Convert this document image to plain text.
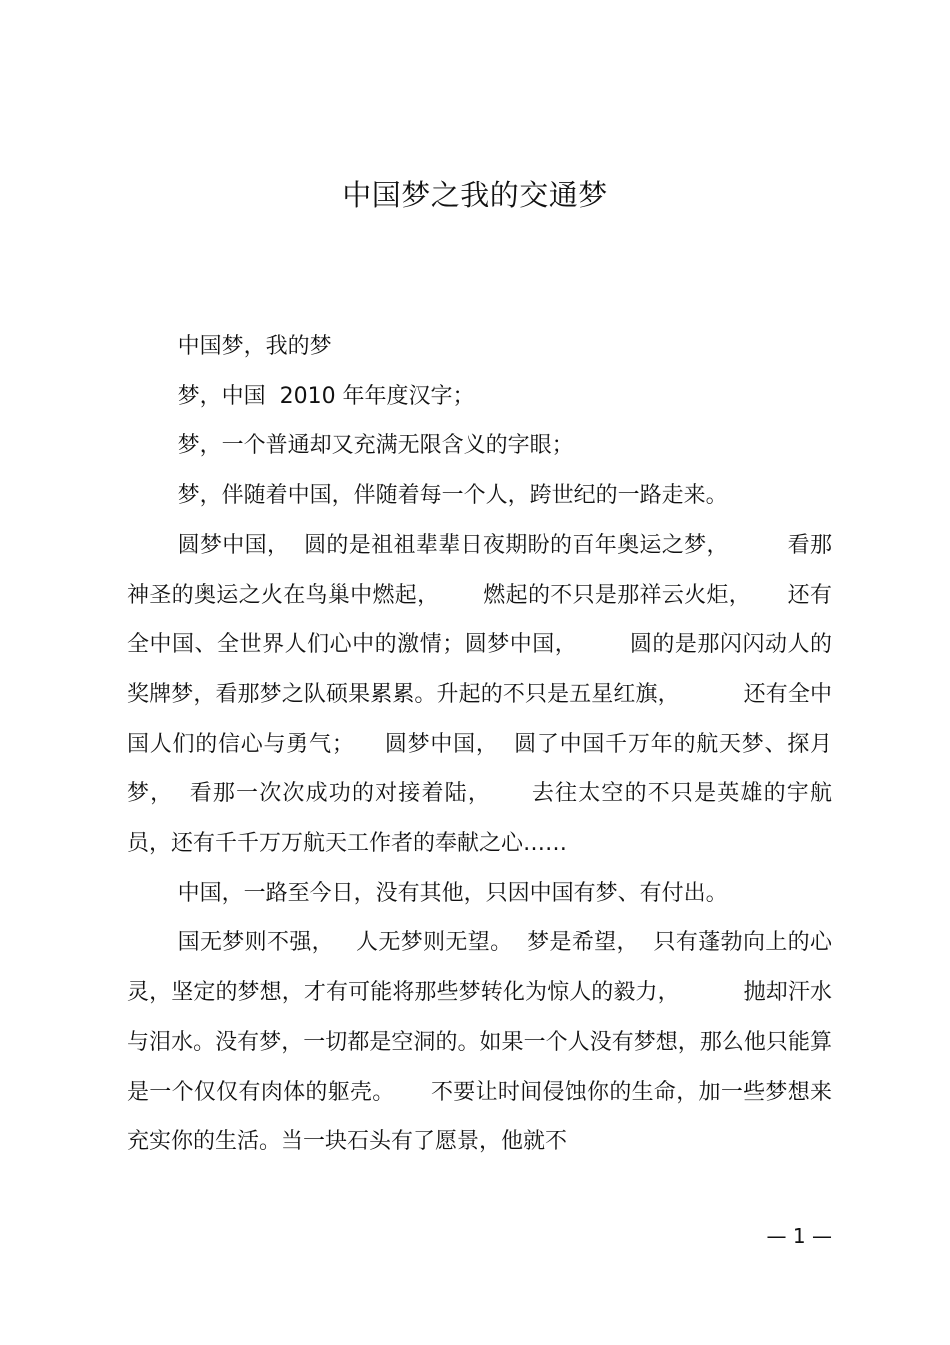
中国梦之我的交通梦

中国梦，我的梦

梦，中国  2010 年年度汉字；

梦，一个普通却又充满无限含义的字眼；

梦，伴随着中国，伴随着每一个人，跨世纪的一路走来。

圆梦中国，  圆的是祖祖辈辈日夜期盼的百年奥运之梦，        看那神圣的奥运之火在鸟巢中燃起，      燃起的不只是那祥云火炬，     还有全中国、全世界人们心中的激情；圆梦中国，       圆的是那闪闪动人的奖牌梦，看那梦之队硕果累累。升起的不只是五星红旗，         还有全中国人们的信心与勇气；    圆梦中国，  圆了中国千万年的航天梦、探月梦，  看那一次次成功的对接着陆，     去往太空的不只是英雄的宇航员，还有千千万万航天工作者的奉献之心……

中国，一路至今日，没有其他，只因中国有梦、有付出。

国无梦则不强，   人无梦则无望。  梦是希望，  只有蓬勃向上的心灵，坚定的梦想，才有可能将那些梦转化为惊人的毅力，         抛却汗水与泪水。没有梦，一切都是空洞的。如果一个人没有梦想，那么他只能算是一个仅仅有肉体的躯壳。     不要让时间侵蚀你的生命，加一些梦想来充实你的生活。当一块石头有了愿景，他就不

— 1 —
